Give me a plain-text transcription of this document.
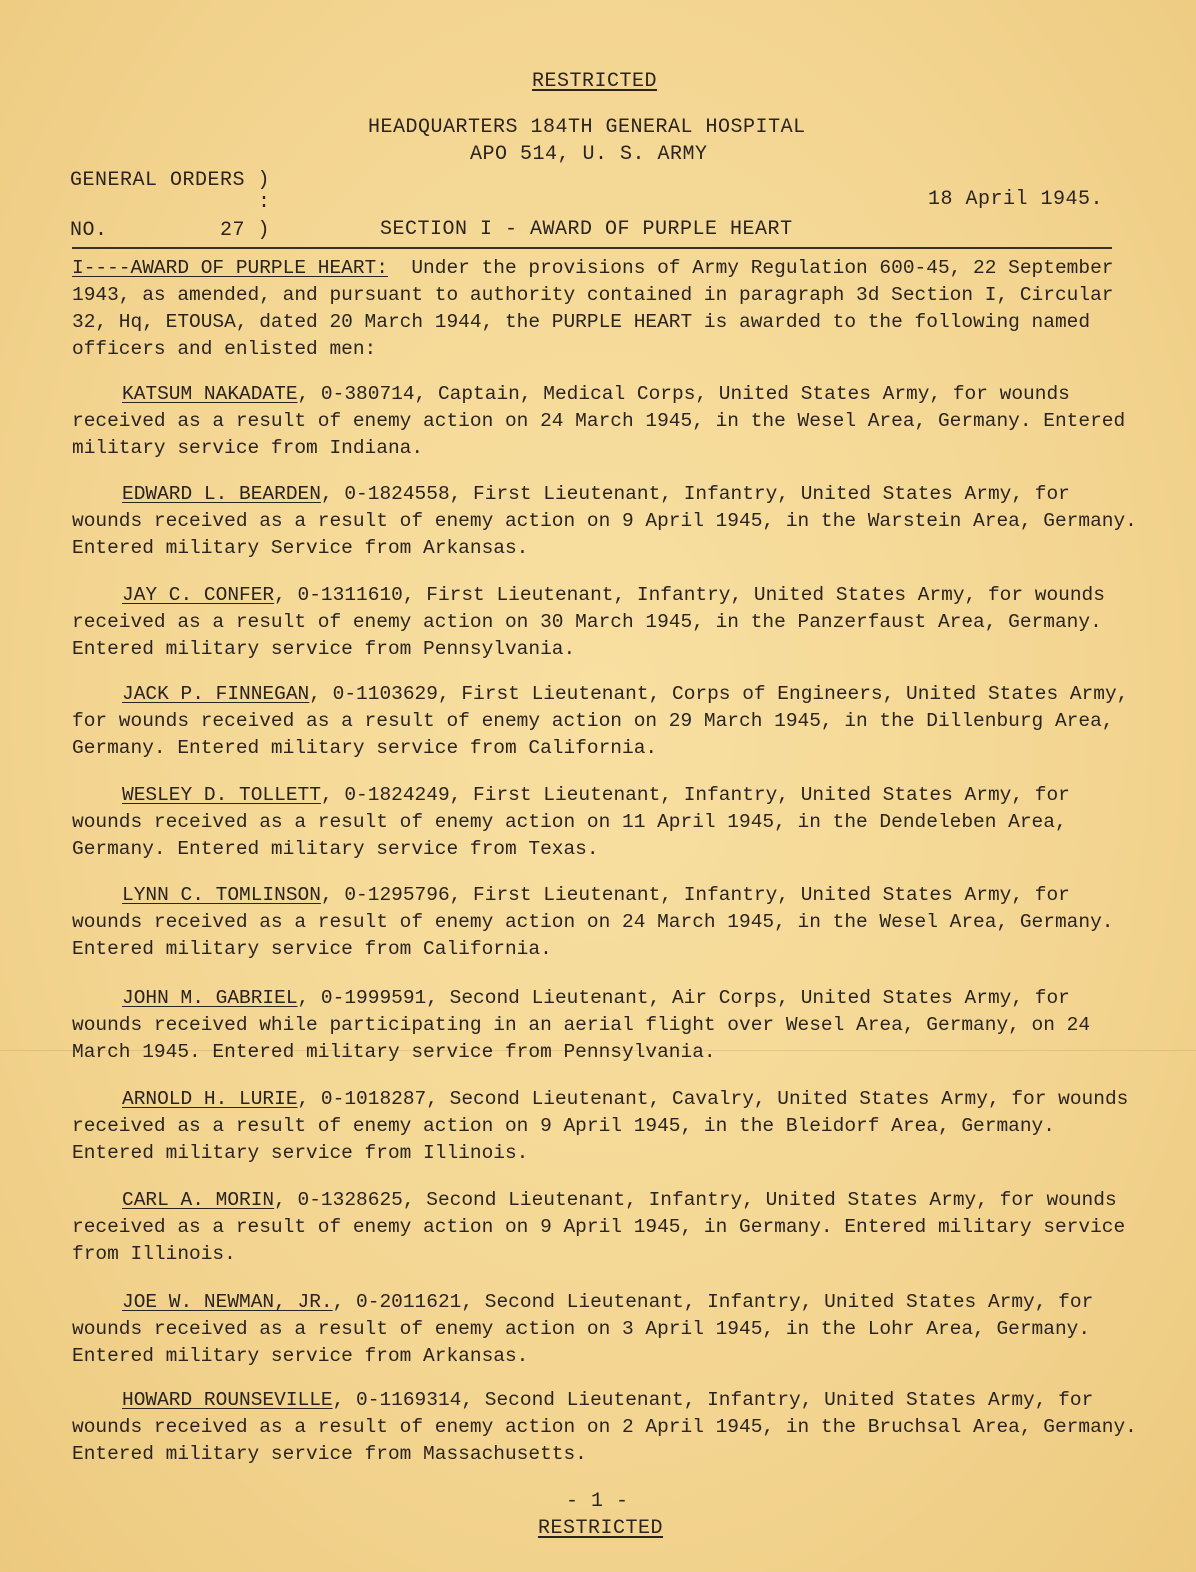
RESTRICTED
HEADQUARTERS 184TH GENERAL HOSPITAL
APO 514, U. S. ARMY
GENERAL ORDERS )
:	18 April 1945.
NO.	27 )	SECTION I - AWARD OF PURPLE HEART

I----AWARD OF PURPLE HEART: Under the provisions of Army Regulation 600-45, 22 September 1943, as amended, and pursuant to authority contained in paragraph 3d Section I, Circular 32, Hq, ETOUSA, dated 20 March 1944, the PURPLE HEART is awarded to the following named officers and enlisted men:

KATSUM NAKADATE, 0-380714, Captain, Medical Corps, United States Army, for wounds received as a result of enemy action on 24 March 1945, in the Wesel Area, Germany. Entered military service from Indiana.

EDWARD L. BEARDEN, 0-1824558, First Lieutenant, Infantry, United States Army, for wounds received as a result of enemy action on 9 April 1945, in the Warstein Area, Germany. Entered military Service from Arkansas.

JAY C. CONFER, 0-1311610, First Lieutenant, Infantry, United States Army, for wounds received as a result of enemy action on 30 March 1945, in the Panzerfaust Area, Germany. Entered military service from Pennsylvania.

JACK P. FINNEGAN, 0-1103629, First Lieutenant, Corps of Engineers, United States Army, for wounds received as a result of enemy action on 29 March 1945, in the Dillenburg Area, Germany. Entered military service from California.

WESLEY D. TOLLETT, 0-1824249, First Lieutenant, Infantry, United States Army, for wounds received as a result of enemy action on 11 April 1945, in the Dendeleben Area, Germany. Entered military service from Texas.

LYNN C. TOMLINSON, 0-1295796, First Lieutenant, Infantry, United States Army, for wounds received as a result of enemy action on 24 March 1945, in the Wesel Area, Germany. Entered military service from California.

JOHN M. GABRIEL, 0-1999591, Second Lieutenant, Air Corps, United States Army, for wounds received while participating in an aerial flight over Wesel Area, Germany, on 24 March 1945. Entered military service from Pennsylvania.

ARNOLD H. LURIE, 0-1018287, Second Lieutenant, Cavalry, United States Army, for wounds received as a result of enemy action on 9 April 1945, in the Bleidorf Area, Germany. Entered military service from Illinois.

CARL A. MORIN, 0-1328625, Second Lieutenant, Infantry, United States Army, for wounds received as a result of enemy action on 9 April 1945, in Germany. Entered military service from Illinois.

JOE W. NEWMAN, JR., 0-2011621, Second Lieutenant, Infantry, United States Army, for wounds received as a result of enemy action on 3 April 1945, in the Lohr Area, Germany. Entered military service from Arkansas.

HOWARD ROUNSEVILLE, 0-1169314, Second Lieutenant, Infantry, United States Army, for wounds received as a result of enemy action on 2 April 1945, in the Bruchsal Area, Germany. Entered military service from Massachusetts.

- 1 -
RESTRICTED
